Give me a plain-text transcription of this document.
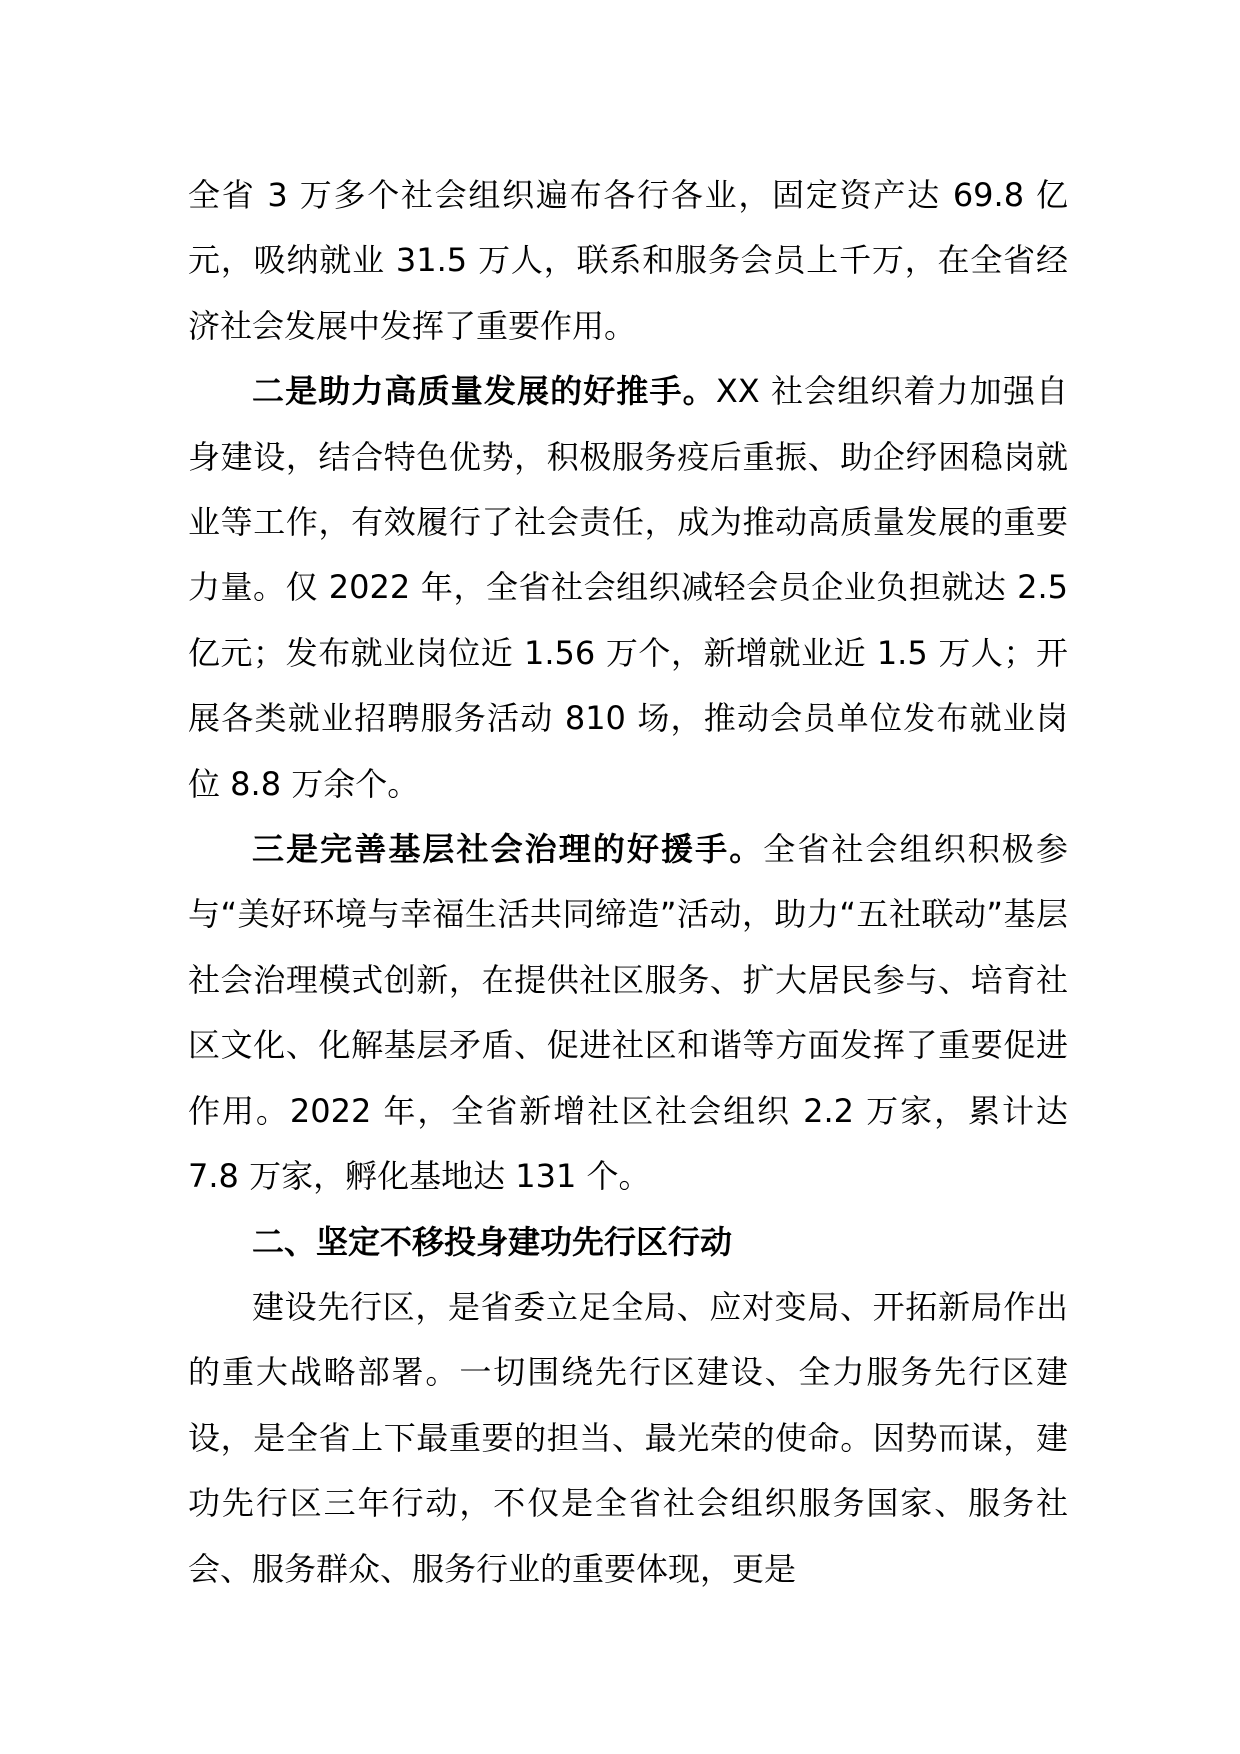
全省 3 万多个社会组织遍布各行各业，固定资产达 69.8 亿元，吸纳就业 31.5 万人，联系和服务会员上千万，在全省经济社会发展中发挥了重要作用。

二是助力高质量发展的好推手。XX 社会组织着力加强自身建设，结合特色优势，积极服务疫后重振、助企纾困稳岗就业等工作，有效履行了社会责任，成为推动高质量发展的重要力量。仅 2022 年，全省社会组织减轻会员企业负担就达 2.5 亿元；发布就业岗位近 1.56 万个，新增就业近 1.5 万人；开展各类就业招聘服务活动 810 场，推动会员单位发布就业岗位 8.8 万余个。

三是完善基层社会治理的好援手。全省社会组织积极参与“美好环境与幸福生活共同缔造”活动，助力“五社联动”基层社会治理模式创新，在提供社区服务、扩大居民参与、培育社区文化、化解基层矛盾、促进社区和谐等方面发挥了重要促进作用。2022 年，全省新增社区社会组织 2.2 万家，累计达 7.8 万家，孵化基地达 131 个。

二、坚定不移投身建功先行区行动

建设先行区，是省委立足全局、应对变局、开拓新局作出的重大战略部署。一切围绕先行区建设、全力服务先行区建设，是全省上下最重要的担当、最光荣的使命。因势而谋，建功先行区三年行动，不仅是全省社会组织服务国家、服务社会、服务群众、服务行业的重要体现，更是
